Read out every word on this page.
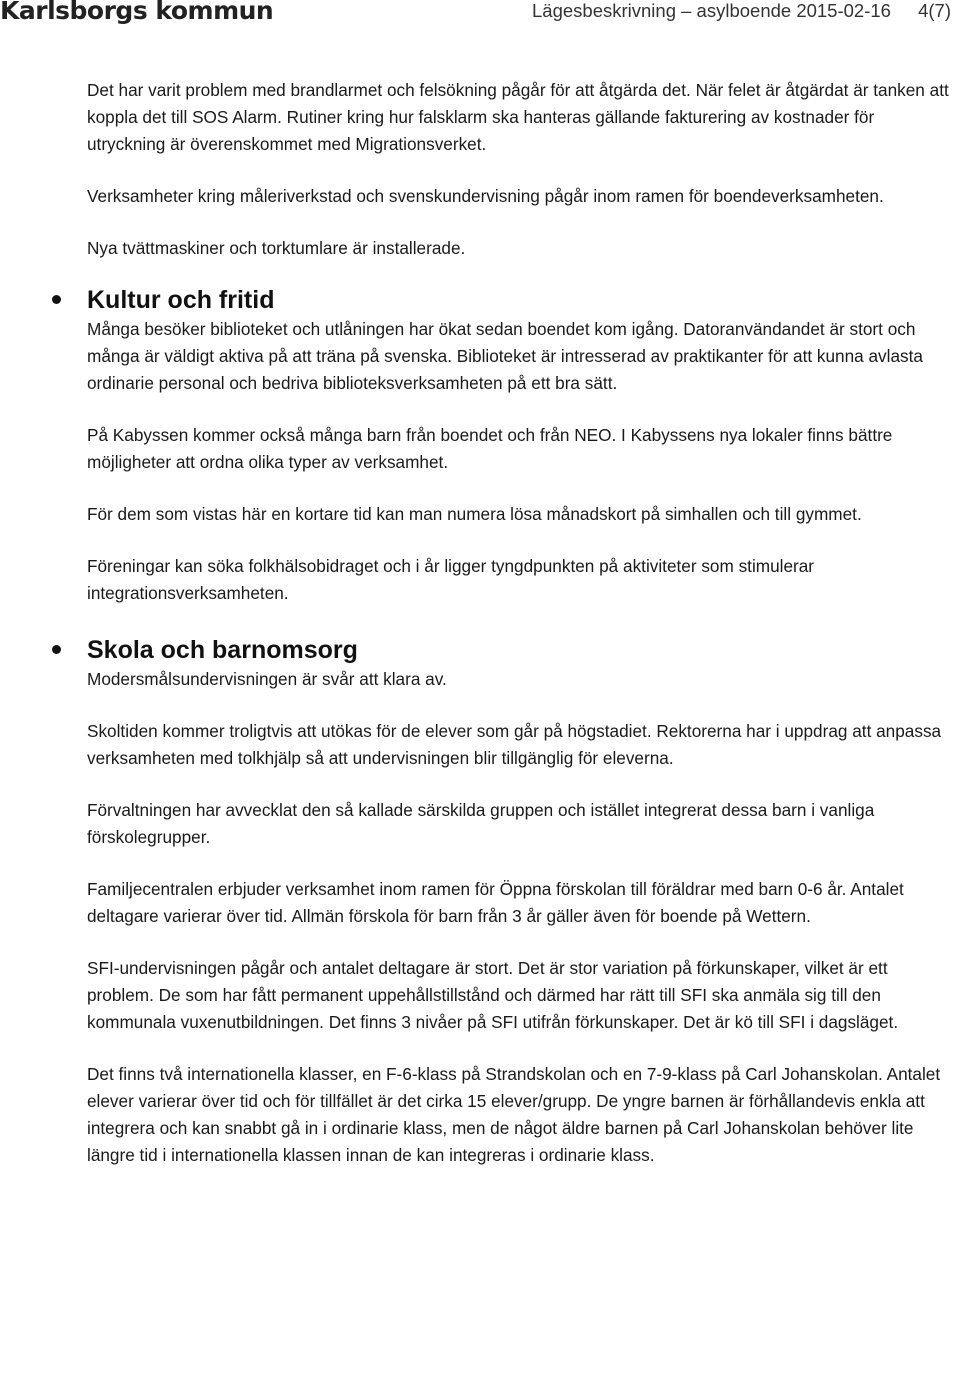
Karlsborgs kommun	Lägesbeskrivning – asylboende 2015-02-16 4(7)

Det har varit problem med brandlarmet och felsökning pågår för att åtgärda det. När felet är åtgärdat är tanken att koppla det till SOS Alarm. Rutiner kring hur falsklarm ska hanteras gällande fakturering av kostnader för utryckning är överenskommet med Migrationsverket.

Verksamheter kring måleriverkstad och svenskundervisning pågår inom ramen för boendeverksamheten.

Nya tvättmaskiner och torktumlare är installerade.

Kultur och fritid

Många besöker biblioteket och utlåningen har ökat sedan boendet kom igång. Datoranvändandet är stort och många är väldigt aktiva på att träna på svenska. Biblioteket är intresserad av praktikanter för att kunna avlasta ordinarie personal och bedriva biblioteksverksamheten på ett bra sätt.

På Kabyssen kommer också många barn från boendet och från NEO. I Kabyssens nya lokaler finns bättre möjligheter att ordna olika typer av verksamhet.

För dem som vistas här en kortare tid kan man numera lösa månadskort på simhallen och till gymmet.

Föreningar kan söka folkhälsobidraget och i år ligger tyngdpunkten på aktiviteter som stimulerar integrationsverksamheten.

Skola och barnomsorg

Modersmålsundervisningen är svår att klara av.

Skoltiden kommer troligtvis att utökas för de elever som går på högstadiet. Rektorerna har i uppdrag att anpassa verksamheten med tolkhjälp så att undervisningen blir tillgänglig för eleverna.

Förvaltningen har avvecklat den så kallade särskilda gruppen och istället integrerat dessa barn i vanliga förskolegrupper.

Familjecentralen erbjuder verksamhet inom ramen för Öppna förskolan till föräldrar med barn 0-6 år. Antalet deltagare varierar över tid. Allmän förskola för barn från 3 år gäller även för boende på Wettern.

SFI-undervisningen pågår och antalet deltagare är stort. Det är stor variation på förkunskaper, vilket är ett problem. De som har fått permanent uppehållstillstånd och därmed har rätt till SFI ska anmäla sig till den kommunala vuxenutbildningen. Det finns 3 nivåer på SFI utifrån förkunskaper. Det är kö till SFI i dagsläget.

Det finns två internationella klasser, en F-6-klass på Strandskolan och en 7-9-klass på Carl Johanskolan. Antalet elever varierar över tid och för tillfället är det cirka 15 elever/grupp. De yngre barnen är förhållandevis enkla att integrera och kan snabbt gå in i ordinarie klass, men de något äldre barnen på Carl Johanskolan behöver lite längre tid i internationella klassen innan de kan integreras i ordinarie klass.
